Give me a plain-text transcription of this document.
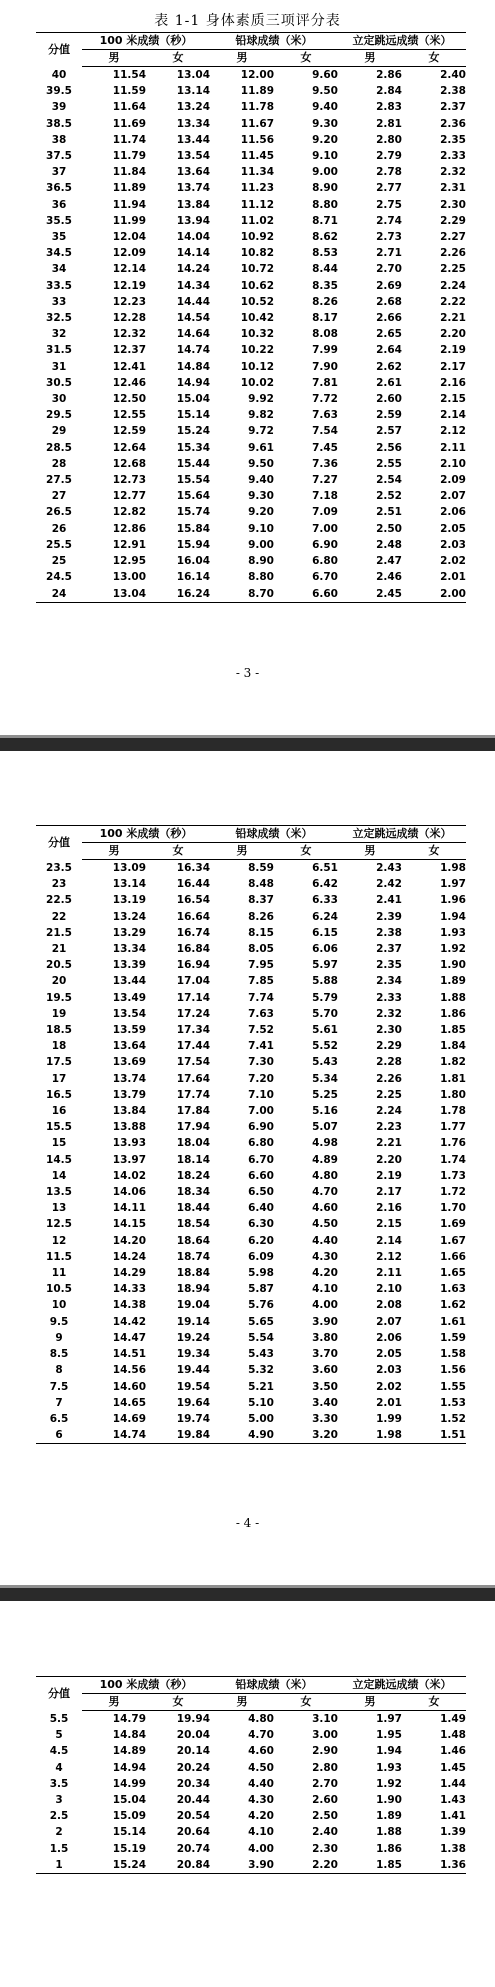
表 1-1 身体素质三项评分表
分值	100 米成绩（秒）		铅球成绩（米）		立定跳远成绩（米）	
	男	女	男	女	男	女
40	11.54	13.04	12.00	9.60	2.86	2.40
39.5	11.59	13.14	11.89	9.50	2.84	2.38
39	11.64	13.24	11.78	9.40	2.83	2.37
38.5	11.69	13.34	11.67	9.30	2.81	2.36
38	11.74	13.44	11.56	9.20	2.80	2.35
37.5	11.79	13.54	11.45	9.10	2.79	2.33
37	11.84	13.64	11.34	9.00	2.78	2.32
36.5	11.89	13.74	11.23	8.90	2.77	2.31
36	11.94	13.84	11.12	8.80	2.75	2.30
35.5	11.99	13.94	11.02	8.71	2.74	2.29
35	12.04	14.04	10.92	8.62	2.73	2.27
34.5	12.09	14.14	10.82	8.53	2.71	2.26
34	12.14	14.24	10.72	8.44	2.70	2.25
33.5	12.19	14.34	10.62	8.35	2.69	2.24
33	12.23	14.44	10.52	8.26	2.68	2.22
32.5	12.28	14.54	10.42	8.17	2.66	2.21
32	12.32	14.64	10.32	8.08	2.65	2.20
31.5	12.37	14.74	10.22	7.99	2.64	2.19
31	12.41	14.84	10.12	7.90	2.62	2.17
30.5	12.46	14.94	10.02	7.81	2.61	2.16
30	12.50	15.04	9.92	7.72	2.60	2.15
29.5	12.55	15.14	9.82	7.63	2.59	2.14
29	12.59	15.24	9.72	7.54	2.57	2.12
28.5	12.64	15.34	9.61	7.45	2.56	2.11
28	12.68	15.44	9.50	7.36	2.55	2.10
27.5	12.73	15.54	9.40	7.27	2.54	2.09
27	12.77	15.64	9.30	7.18	2.52	2.07
26.5	12.82	15.74	9.20	7.09	2.51	2.06
26	12.86	15.84	9.10	7.00	2.50	2.05
25.5	12.91	15.94	9.00	6.90	2.48	2.03
25	12.95	16.04	8.90	6.80	2.47	2.02
24.5	13.00	16.14	8.80	6.70	2.46	2.01
24	13.04	16.24	8.70	6.60	2.45	2.00
- 3 -
分值	100 米成绩（秒）		铅球成绩（米）		立定跳远成绩（米）	
	男	女	男	女	男	女
23.5	13.09	16.34	8.59	6.51	2.43	1.98
23	13.14	16.44	8.48	6.42	2.42	1.97
22.5	13.19	16.54	8.37	6.33	2.41	1.96
22	13.24	16.64	8.26	6.24	2.39	1.94
21.5	13.29	16.74	8.15	6.15	2.38	1.93
21	13.34	16.84	8.05	6.06	2.37	1.92
20.5	13.39	16.94	7.95	5.97	2.35	1.90
20	13.44	17.04	7.85	5.88	2.34	1.89
19.5	13.49	17.14	7.74	5.79	2.33	1.88
19	13.54	17.24	7.63	5.70	2.32	1.86
18.5	13.59	17.34	7.52	5.61	2.30	1.85
18	13.64	17.44	7.41	5.52	2.29	1.84
17.5	13.69	17.54	7.30	5.43	2.28	1.82
17	13.74	17.64	7.20	5.34	2.26	1.81
16.5	13.79	17.74	7.10	5.25	2.25	1.80
16	13.84	17.84	7.00	5.16	2.24	1.78
15.5	13.88	17.94	6.90	5.07	2.23	1.77
15	13.93	18.04	6.80	4.98	2.21	1.76
14.5	13.97	18.14	6.70	4.89	2.20	1.74
14	14.02	18.24	6.60	4.80	2.19	1.73
13.5	14.06	18.34	6.50	4.70	2.17	1.72
13	14.11	18.44	6.40	4.60	2.16	1.70
12.5	14.15	18.54	6.30	4.50	2.15	1.69
12	14.20	18.64	6.20	4.40	2.14	1.67
11.5	14.24	18.74	6.09	4.30	2.12	1.66
11	14.29	18.84	5.98	4.20	2.11	1.65
10.5	14.33	18.94	5.87	4.10	2.10	1.63
10	14.38	19.04	5.76	4.00	2.08	1.62
9.5	14.42	19.14	5.65	3.90	2.07	1.61
9	14.47	19.24	5.54	3.80	2.06	1.59
8.5	14.51	19.34	5.43	3.70	2.05	1.58
8	14.56	19.44	5.32	3.60	2.03	1.56
7.5	14.60	19.54	5.21	3.50	2.02	1.55
7	14.65	19.64	5.10	3.40	2.01	1.53
6.5	14.69	19.74	5.00	3.30	1.99	1.52
6	14.74	19.84	4.90	3.20	1.98	1.51
- 4 -
分值	100 米成绩（秒）		铅球成绩（米）		立定跳远成绩（米）	
	男	女	男	女	男	女
5.5	14.79	19.94	4.80	3.10	1.97	1.49
5	14.84	20.04	4.70	3.00	1.95	1.48
4.5	14.89	20.14	4.60	2.90	1.94	1.46
4	14.94	20.24	4.50	2.80	1.93	1.45
3.5	14.99	20.34	4.40	2.70	1.92	1.44
3	15.04	20.44	4.30	2.60	1.90	1.43
2.5	15.09	20.54	4.20	2.50	1.89	1.41
2	15.14	20.64	4.10	2.40	1.88	1.39
1.5	15.19	20.74	4.00	2.30	1.86	1.38
1	15.24	20.84	3.90	2.20	1.85	1.36
